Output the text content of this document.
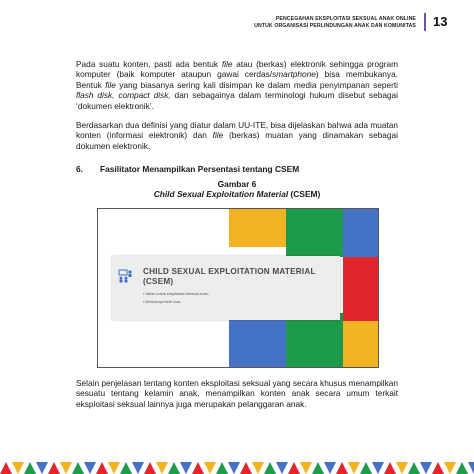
PENCEGAHAN EKSPLOITASI SEKSUAL ANAK ONLINE
UNTUK ORGANISASI PERLINDUNGAN ANAK DAN KOMUNITAS 13
Pada suatu konten, pasti ada bentuk file atau (berkas) elektronik sehingga program komputer (baik komputer ataupun gawai cerdas/smartphone) bisa membukanya. Bentuk file yang biasanya sering kali disimpan ke dalam media penyimpanan seperti flash disk, compact disk, dan sebagainya dalam terminologi hukum disebut sebagai ‘dokumen elektronik’.
Berdasarkan dua definisi yang diatur dalam UU-ITE, bisa dijelaskan bahwa ada muatan konten (informasi elektronik) dan file (berkas) muatan yang dinamakan sebagai dokumen elektronik.
6. Fasilitator Menampilkan Persentasi tentang CSEM
Gambar 6
Child Sexual Exploitation Material (CSEM)
CHILD SEXUAL EXPLOITATION MATERIAL
(CSEM)
• Istilah untuk eksploitasi seksual anak;
• Bentuknya lebih luas.
Selain penjelasan tentang konten eksploitasi seksual yang secara khusus menampilkan sesuatu tentang kelamin anak, menampilkan konten anak secara umum terkait eksploitasi seksual lainnya juga merupakan pelanggaran anak.
